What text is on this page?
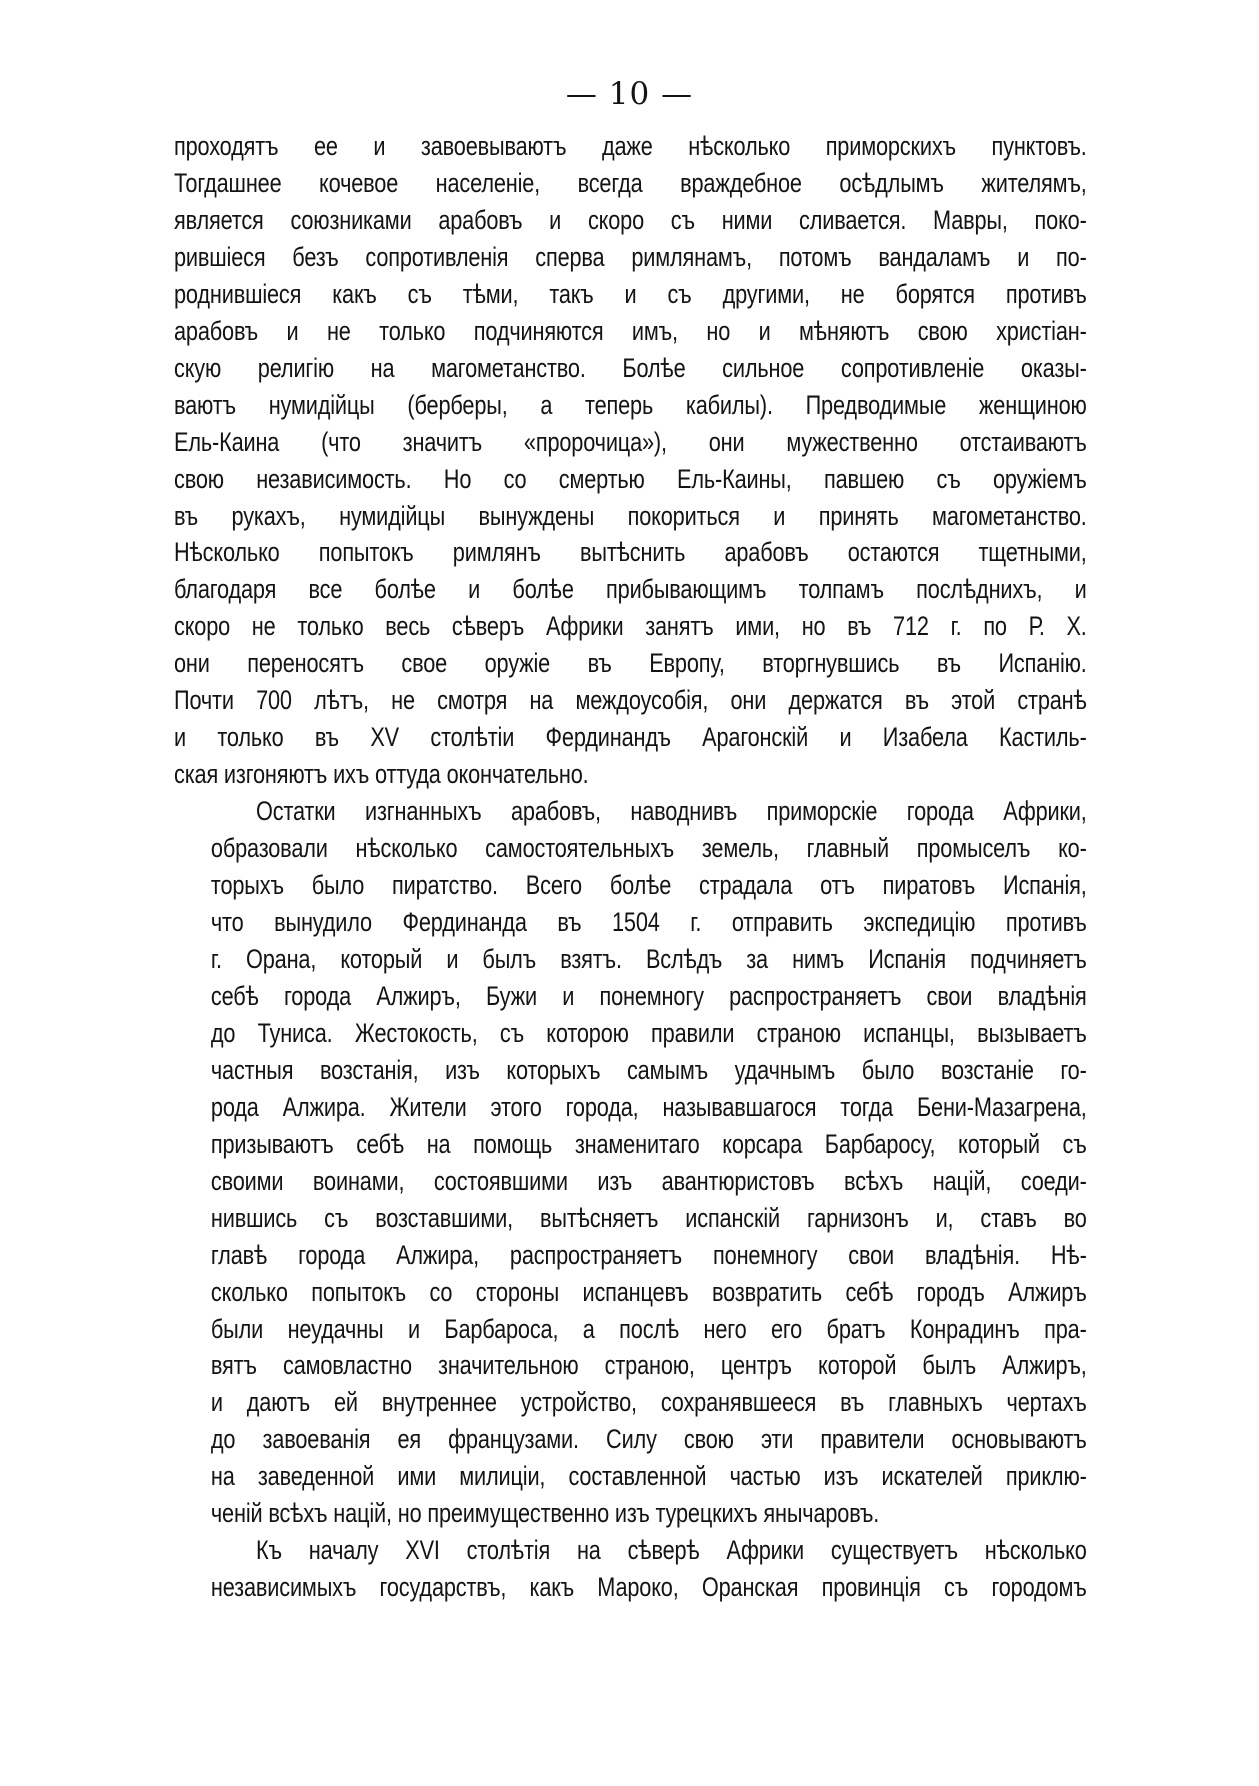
— 10 —
проходятъ ее и завоевываютъ даже нѣсколько приморскихъ пунктовъ.
Тогдашнее кочевое населеніе, всегда враждебное осѣдлымъ жителямъ,
является союзниками арабовъ и скоро съ ними сливается. Мавры, поко-
рившіеся безъ сопротивленія сперва римлянамъ, потомъ вандаламъ и по-
роднившіеся какъ съ тѣми, такъ и съ другими, не борятся противъ
арабовъ и не только подчиняются имъ, но и мѣняютъ свою христіан-
скую религію на магометанство. Болѣе сильное сопротивленіе оказы-
ваютъ нумидійцы (берберы, а теперь кабилы). Предводимые женщиною
Ель-Каина (что значитъ «пророчица»), они мужественно отстаиваютъ
свою независимость. Но со смертью Ель-Каины, павшею съ оружіемъ
въ рукахъ, нумидійцы вынуждены покориться и принять магометанство.
Нѣсколько попытокъ римлянъ вытѣснить арабовъ остаются тщетными,
благодаря все болѣе и болѣе прибывающимъ толпамъ послѣднихъ, и
скоро не только весь сѣверъ Африки занятъ ими, но въ 712 г. по Р. Х.
они переносятъ свое оружіе въ Европу, вторгнувшись въ Испанію.
Почти 700 лѣтъ, не смотря на междоусобія, они держатся въ этой странѣ
и только въ XV столѣтіи Фердинандъ Арагонскій и Изабела Кастиль-
ская изгоняютъ ихъ оттуда окончательно.
Остатки изгнанныхъ арабовъ, наводнивъ приморскіе города Африки,
образовали нѣсколько самостоятельныхъ земель, главный промыселъ ко-
торыхъ было пиратство. Всего болѣе страдала отъ пиратовъ Испанія,
что вынудило Фердинанда въ 1504 г. отправить экспедицію противъ
г. Орана, который и былъ взятъ. Вслѣдъ за нимъ Испанія подчиняетъ
себѣ города Алжиръ, Бужи и понемногу распространяетъ свои владѣнія
до Туниса. Жестокость, съ которою правили страною испанцы, вызываетъ
частныя возстанія, изъ которыхъ самымъ удачнымъ было возстаніе го-
рода Алжира. Жители этого города, называвшагося тогда Бени-Мазагрена,
призываютъ себѣ на помощь знаменитаго корсара Барбаросу, который съ
своими воинами, состоявшими изъ авантюристовъ всѣхъ націй, соеди-
нившись съ возставшими, вытѣсняетъ испанскій гарнизонъ и, ставъ во
главѣ города Алжира, распространяетъ понемногу свои владѣнія. Нѣ-
сколько попытокъ со стороны испанцевъ возвратить себѣ городъ Алжиръ
были неудачны и Барбароса, а послѣ него его братъ Конрадинъ пра-
вятъ самовластно значительною страною, центръ которой былъ Алжиръ,
и даютъ ей внутреннее устройство, сохранявшееся въ главныхъ чертахъ
до завоеванія ея французами. Силу свою эти правители основываютъ
на заведенной ими милиціи, составленной частью изъ искателей приклю-
ченій всѣхъ націй, но преимущественно изъ турецкихъ янычаровъ.
Къ началу XVI столѣтія на сѣверѣ Африки существуетъ нѣсколько
независимыхъ государствъ, какъ Мароко, Оранская провинція съ городомъ
